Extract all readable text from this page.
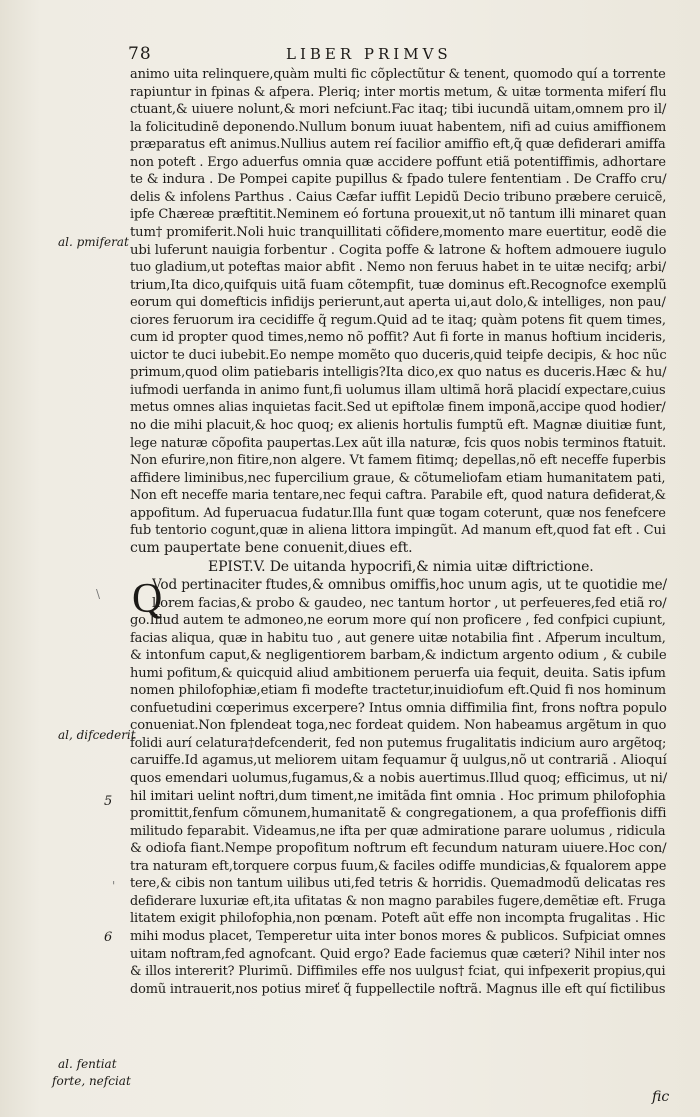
78	LIBER PRIMVS
animo uita relinquere,quàm multi fic cõplectũtur & tenent, quomodo quí a torrente
rapiuntur in fpinas & afpera. Pleriq; inter mortis metum, & uitæ tormenta miferí flu
ctuant,& uiuere nolunt,& mori nefciunt.Fac itaq; tibi iucundã uitam,omnem pro il/
la folicitudinẽ deponendo.Nullum bonum iuuat habentem, nifi ad cuius amiffionem
præparatus eft animus.Nullius autem reí facilior amiffio eft,q̃ quæ defiderari amiffa
non poteft . Ergo aduerfus omnia quæ accidere poffunt etiã potentiffimis, adhortare
te & indura . De Pompei capite pupillus & fpado tulere fententiam . De Craffo cru/
delis & infolens Parthus . Caius Cæfar iuffit Lepidũ Decio tribuno præbere ceruicẽ,
ipfe Chæreæ præftitit.Neminem eó fortuna prouexit,ut nõ tantum illi minaret quan
tum† promiferit.Noli huic tranquillitati cõfidere,momento mare euertitur, eodẽ die
ubi luferunt nauigia forbentur . Cogita poffe & latrone & hoftem admouere iugulo
tuo gladium,ut poteftas maior abfit . Nemo non feruus habet in te uitæ necifq; arbi/
trium,Ita dico,quifquis uitã fuam cõtempfit, tuæ dominus eft.Recognofce exemplũ
eorum qui domefticis infidijs perierunt,aut aperta ui,aut dolo,& intelliges, non pau/
ciores feruorum ira cecidiffe q̃ regum.Quid ad te itaq; quàm potens fit quem times,
cum id propter quod times,nemo nõ poffit? Aut fi forte in manus hoftium incideris,
uictor te duci iubebit.Eo nempe momẽto quo duceris,quid teipfe decipis, & hoc nũc
primum,quod olim patiebaris intelligis?Ita dico,ex quo natus es duceris.Hæc & hu/
iufmodi uerfanda in animo funt,fi uolumus illam ultimã horã placidí expectare,cuius
metus omnes alias inquietas facit.Sed ut epiftolæ finem imponã,accipe quod hodier/
no die mihi placuit,& hoc quoq; ex alienis hortulis fumptũ eft. Magnæ diuitiæ funt,
lege naturæ cõpofita paupertas.Lex aũt illa naturæ, fcis quos nobis terminos ftatuit.
Non efurire,non fitire,non algere. Vt famem fitimq; depellas,nõ eft neceffe fuperbis
affidere liminibus,nec fupercilium graue, & cõtumeliofam etiam humanitatem pati,
Non eft neceffe maria tentare,nec fequi caftra. Parabile eft, quod natura defiderat,&
appofitum. Ad fuperuacua fudatur.Illa funt quæ togam coterunt, quæ nos fenefcere
fub tentorio cogunt,quæ in aliena littora impingũt. Ad manum eft,quod fat eft . Cui
cum paupertate bene conuenit,diues eft.
EPIST.V. De uitanda hypocrifi,& nimia uitæ diftrictione.
Q
Vod pertinaciter ftudes,& omnibus omiffis,hoc unum agis, ut te quotidie me/
liorem facias,& probo & gaudeo, nec tantum hortor , ut perfeueres,fed etiã ro/
go.Illud autem te admoneo,ne eorum more quí non proficere , fed confpici cupiunt,
facias aliqua, quæ in habitu tuo , aut genere uitæ notabilia fint . Afperum incultum,
& intonfum caput,& negligentiorem barbam,& indictum argento odium , & cubile
humi pofitum,& quicquid aliud ambitionem peruerfa uia fequit, deuita. Satis ipfum
nomen philofophiæ,etiam fi modefte tractetur,inuidiofum eft.Quid fi nos hominum
confuetudini cœperimus excerpere? Intus omnia diffimilia fint, frons noftra populo
conueniat.Non fplendeat toga,nec fordeat quidem. Non habeamus argẽtum in quo
folidi aurí celatura†defcenderit, fed non putemus frugalitatis indicium auro argẽtoq;
caruiffe.Id agamus,ut meliorem uitam fequamur q̃ uulgus,nõ ut contrariã . Alioquí
quos emendari uolumus,fugamus,& a nobis auertimus.Illud quoq; efficimus, ut ni/
hil imitari uelint noftri,dum timent,ne imitãda fint omnia . Hoc primum philofophia
promittit,fenfum cõmunem,humanitatẽ & congregationem, a qua profeffionis diffi
militudo feparabit. Videamus,ne ifta per quæ admiratione parare uolumus , ridicula
& odiofa fiant.Nempe propofitum noftrum eft fecundum naturam uiuere.Hoc con/
tra naturam eft,torquere corpus fuum,& faciles odiffe mundicias,& fqualorem appe
tere,& cibis non tantum uilibus uti,fed tetris & horridis. Quemadmodũ delicatas res
defiderare luxuriæ eft,ita ufitatas & non magno parabiles fugere,demẽtiæ eft. Fruga
litatem exigit philofophia,non pœnam. Poteft aũt effe non incompta frugalitas . Hic
mihi modus placet, Temperetur uita inter bonos mores & publicos. Sufpiciat omnes
uitam noftram,fed agnofcant. Quid ergo? Eade faciemus quæ cæteri? Nihil inter nos
& illos intererit? Plurimũ. Diffimiles effe nos uulgus† fciat, qui infpexerit propius,qui
domũ intrauerit,nos potius mireť q̃ fuppellectile noftrã. Magnus ille eft quí fictilibus
al. pmiferat
al, difcederit
al. fentiat
forte, nefciat
5
6
\
'
fic
